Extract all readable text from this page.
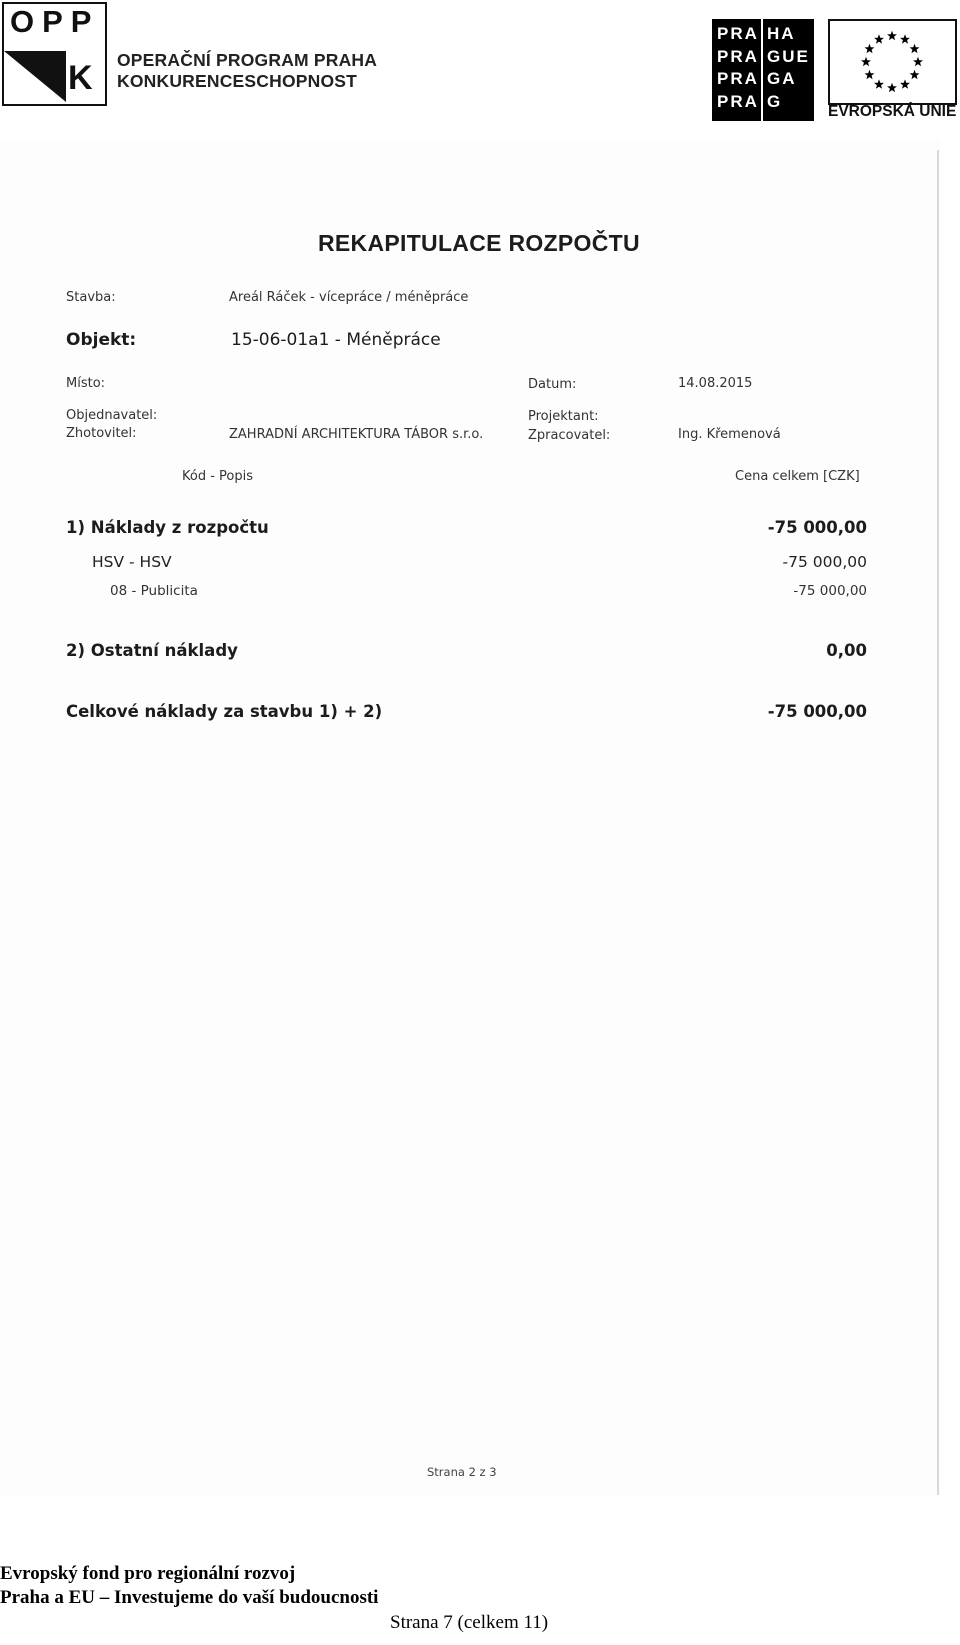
OPP
K OPERAČNÍ PROGRAM PRAHA
KONKURENCESCHOPNOST
PRA
PRA
PRA
PRA
HA
GUE
GA
G
EVROPSKÁ UNIE
REKAPITULACE ROZPOČTU
Stavba:	Areál Ráček - vícepráce / méněpráce
Objekt:	15-06-01a1 - Méněpráce
Místo:	Datum:	14.08.2015
Objednavatel:	Projektant:
Zhotovitel:	ZAHRADNÍ ARCHITEKTURA TÁBOR s.r.o.	Zpracovatel:	Ing. Křemenová
Kód - Popis	Cena celkem [CZK]
1) Náklady z rozpočtu	-75 000,00
HSV - HSV	-75 000,00
08 - Publicita	-75 000,00
2) Ostatní náklady	0,00
Celkové náklady za stavbu 1) + 2)	-75 000,00
Strana 2 z 3
Evropský fond pro regionální rozvoj
Praha a EU – Investujeme do vaší budoucnosti
Strana 7 (celkem 11)
